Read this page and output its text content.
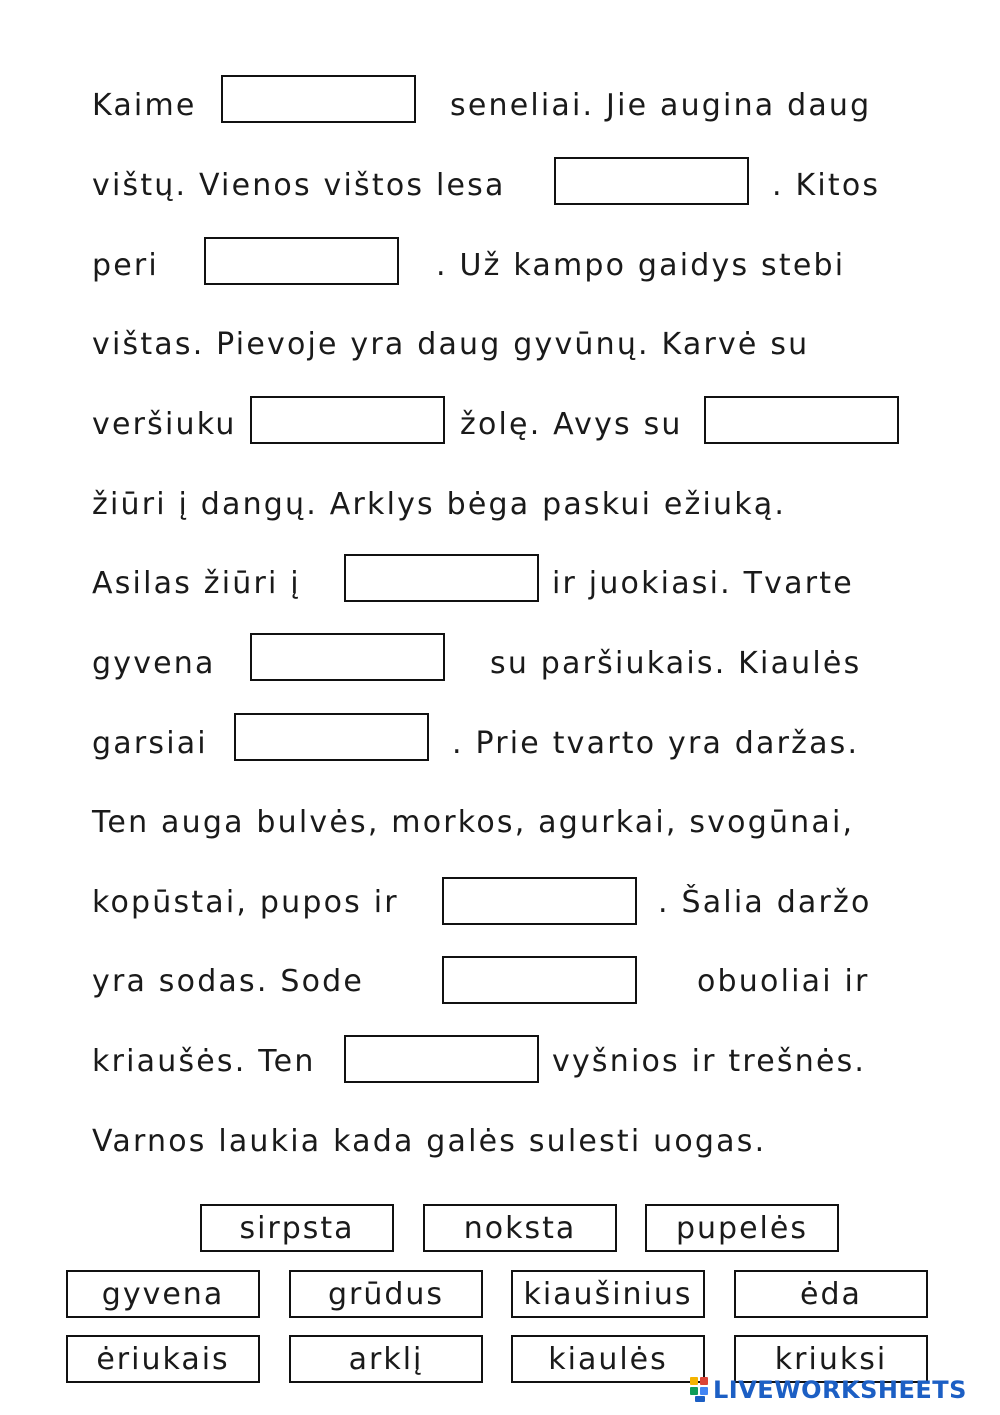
Kaime	seneliai. Jie augina daug
vištų. Vienos vištos lesa	. Kitos
peri	. Už kampo gaidys stebi
vištas. Pievoje yra daug gyvūnų. Karvė su
veršiuku	žolę. Avys su
žiūri į dangų. Arklys bėga paskui ežiuką.
Asilas žiūri į	ir juokiasi. Tvarte
gyvena	su paršiukais. Kiaulės
garsiai	. Prie tvarto yra daržas.
Ten auga bulvės, morkos, agurkai, svogūnai,
kopūstai, pupos ir	. Šalia daržo
yra sodas. Sode	obuoliai ir
kriaušės. Ten	vyšnios ir trešnės.
Varnos laukia kada galės sulesti uogas.
sirpsta	noksta	pupelės
gyvena	grūdus	kiaušinius	ėda
ėriukais	arklį	kiaulės	kriuksi
LIVEWORKSHEETS
